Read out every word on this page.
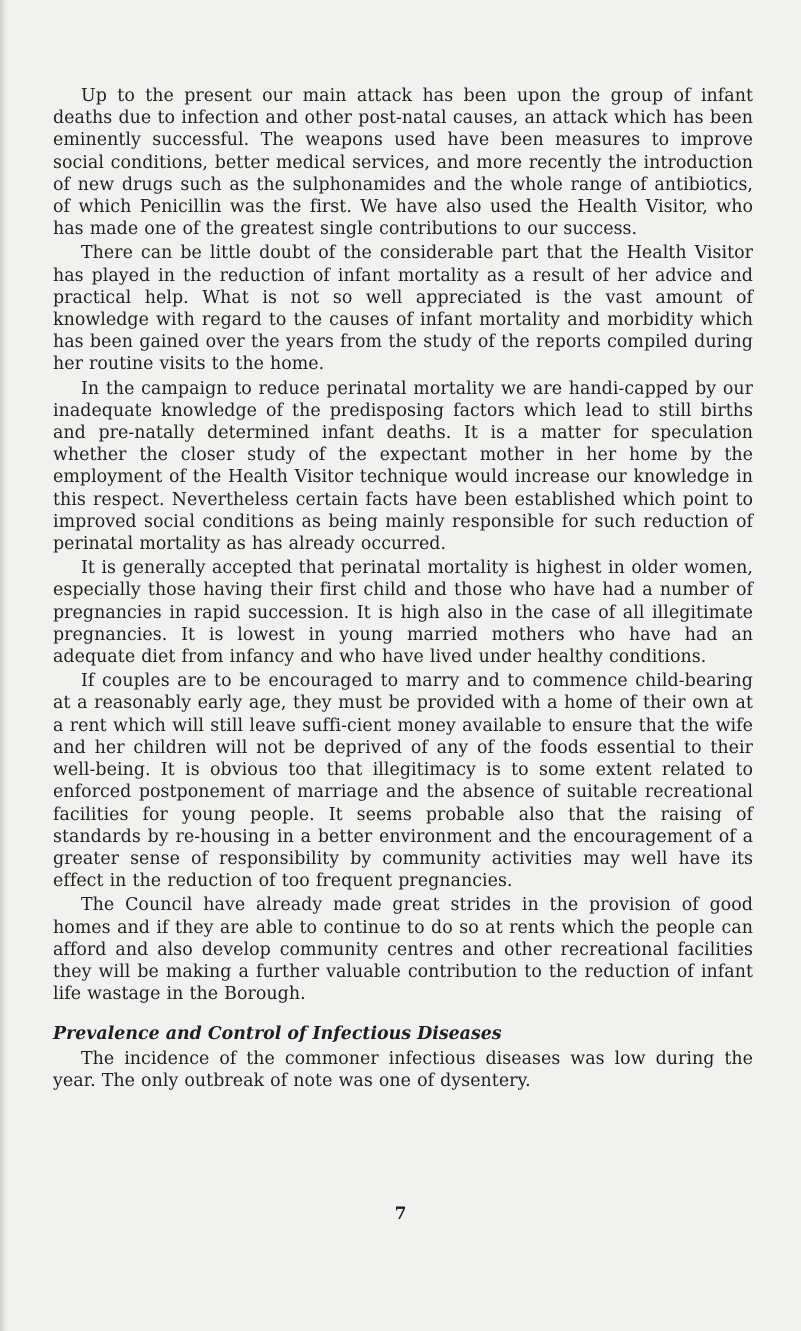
Up to the present our main attack has been upon the group of infant deaths due to infection and other post-natal causes, an attack which has been eminently successful. The weapons used have been measures to improve social conditions, better medical services, and more recently the introduction of new drugs such as the sulphonamides and the whole range of antibiotics, of which Penicillin was the first. We have also used the Health Visitor, who has made one of the greatest single contributions to our success.

There can be little doubt of the considerable part that the Health Visitor has played in the reduction of infant mortality as a result of her advice and practical help. What is not so well appreciated is the vast amount of knowledge with regard to the causes of infant mortality and morbidity which has been gained over the years from the study of the reports compiled during her routine visits to the home.

In the campaign to reduce perinatal mortality we are handi-capped by our inadequate knowledge of the predisposing factors which lead to still births and pre-natally determined infant deaths. It is a matter for speculation whether the closer study of the expectant mother in her home by the employment of the Health Visitor technique would increase our knowledge in this respect. Nevertheless certain facts have been established which point to improved social conditions as being mainly responsible for such reduction of perinatal mortality as has already occurred.

It is generally accepted that perinatal mortality is highest in older women, especially those having their first child and those who have had a number of pregnancies in rapid succession. It is high also in the case of all illegitimate pregnancies. It is lowest in young married mothers who have had an adequate diet from infancy and who have lived under healthy conditions.

If couples are to be encouraged to marry and to commence child-bearing at a reasonably early age, they must be provided with a home of their own at a rent which will still leave suffi-cient money available to ensure that the wife and her children will not be deprived of any of the foods essential to their well-being. It is obvious too that illegitimacy is to some extent related to enforced postponement of marriage and the absence of suitable recreational facilities for young people. It seems probable also that the raising of standards by re-housing in a better environment and the encouragement of a greater sense of responsibility by community activities may well have its effect in the reduction of too frequent pregnancies.

The Council have already made great strides in the provision of good homes and if they are able to continue to do so at rents which the people can afford and also develop community centres and other recreational facilities they will be making a further valuable contribution to the reduction of infant life wastage in the Borough.

Prevalence and Control of Infectious Diseases

The incidence of the commoner infectious diseases was low during the year. The only outbreak of note was one of dysentery.

7
